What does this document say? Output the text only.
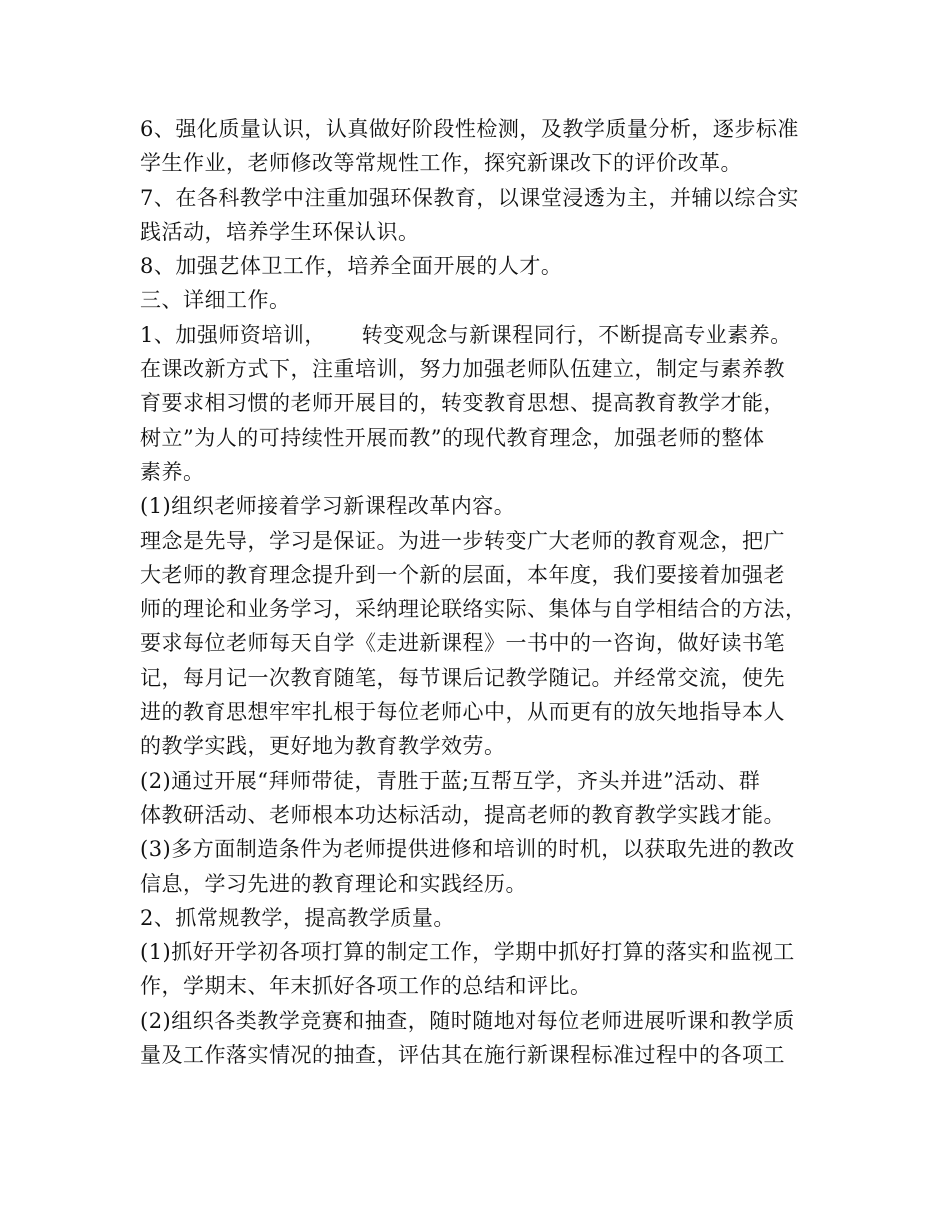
6、强化质量认识，认真做好阶段性检测，及教学质量分析，逐步标准
学生作业，老师修改等常规性工作，探究新课改下的评价改革。
7、在各科教学中注重加强环保教育，以课堂浸透为主，并辅以综合实
践活动，培养学生环保认识。
8、加强艺体卫工作，培养全面开展的人才。
三、详细工作。
1、加强师资培训，     转变观念与新课程同行，不断提高专业素养。
在课改新方式下，注重培训，努力加强老师队伍建立，制定与素养教
育要求相习惯的老师开展目的，转变教育思想、提高教育教学才能，
树立”为人的可持续性开展而教”的现代教育理念，加强老师的整体
素养。
(1)组织老师接着学习新课程改革内容。
理念是先导，学习是保证。为进一步转变广大老师的教育观念，把广
大老师的教育理念提升到一个新的层面，本年度，我们要接着加强老
师的理论和业务学习，采纳理论联络实际、集体与自学相结合的方法，
要求每位老师每天自学《走进新课程》一书中的一咨询，做好读书笔
记，每月记一次教育随笔，每节课后记教学随记。并经常交流，使先
进的教育思想牢牢扎根于每位老师心中，从而更有的放矢地指导本人
的教学实践，更好地为教育教学效劳。
(2)通过开展“拜师带徒，青胜于蓝;互帮互学，齐头并进”活动、群
体教研活动、老师根本功达标活动，提高老师的教育教学实践才能。
(3)多方面制造条件为老师提供进修和培训的时机，以获取先进的教改
信息，学习先进的教育理论和实践经历。
2、抓常规教学，提高教学质量。
(1)抓好开学初各项打算的制定工作，学期中抓好打算的落实和监视工
作，学期末、年末抓好各项工作的总结和评比。
(2)组织各类教学竞赛和抽查，随时随地对每位老师进展听课和教学质
量及工作落实情况的抽查，评估其在施行新课程标准过程中的各项工
